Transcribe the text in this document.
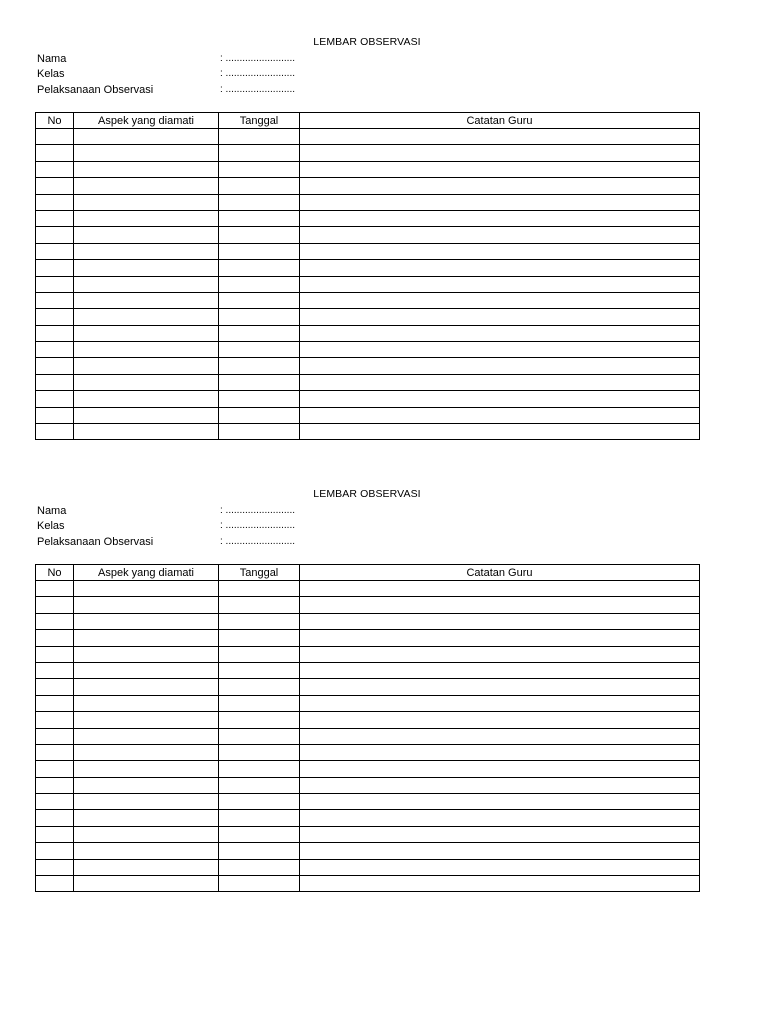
LEMBAR OBSERVASI
Nama	: .........................
Kelas	: .........................
Pelaksanaan Observasi	: .........................
No	Aspek yang diamati	Tanggal	Catatan Guru

LEMBAR OBSERVASI
Nama	: .........................
Kelas	: .........................
Pelaksanaan Observasi	: .........................
No	Aspek yang diamati	Tanggal	Catatan Guru
